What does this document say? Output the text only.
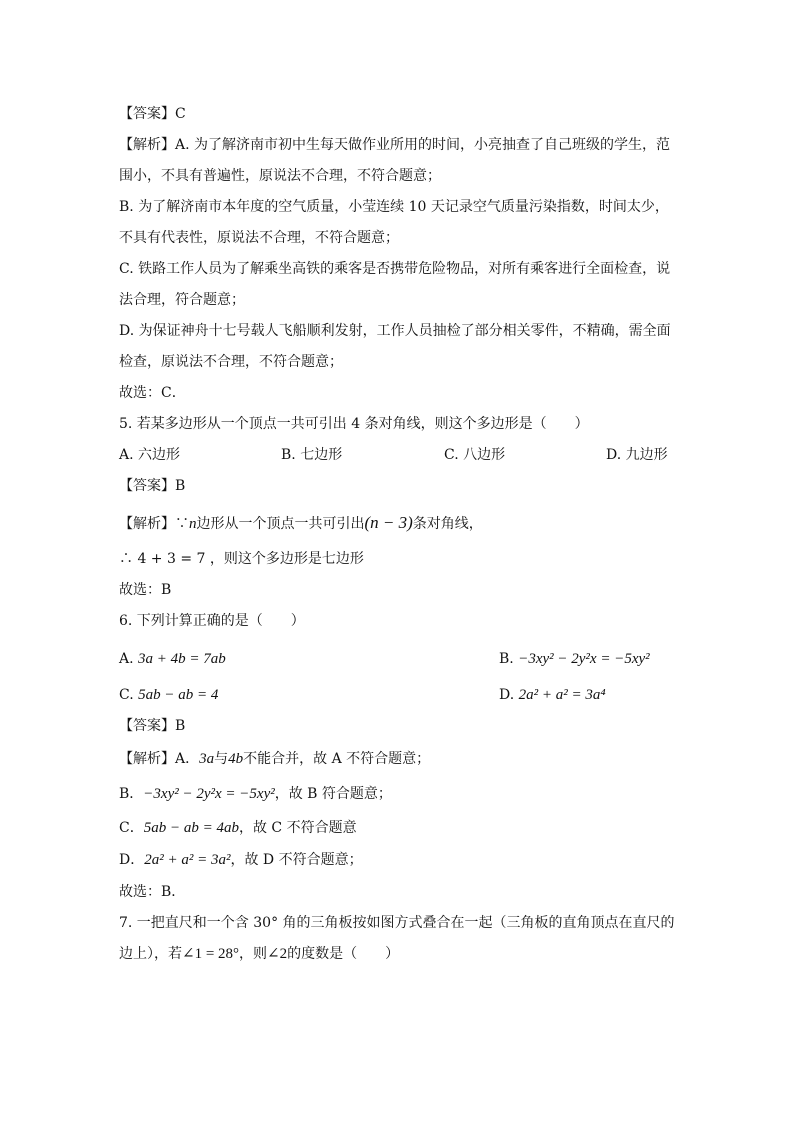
【答案】C
【解析】A. 为了解济南市初中生每天做作业所用的时间，小亮抽查了自己班级的学生，范
围小，不具有普遍性，原说法不合理，不符合题意；
B. 为了解济南市本年度的空气质量，小莹连续 10 天记录空气质量污染指数，时间太少，
不具有代表性，原说法不合理，不符合题意；
C. 铁路工作人员为了解乘坐高铁的乘客是否携带危险物品，对所有乘客进行全面检查，说
法合理，符合题意；
D. 为保证神舟十七号载人飞船顺利发射，工作人员抽检了部分相关零件，不精确，需全面
检查，原说法不合理，不符合题意；
故选：C．
5. 若某多边形从一个顶点一共可引出 4 条对角线，则这个多边形是（　　）
A. 六边形	B. 七边形	C. 八边形	D. 九边形
【答案】B
【解析】∵n边形从一个顶点一共可引出(n − 3)条对角线，
∴ 4 + 3 = 7 ，则这个多边形是七边形
故选：B
6. 下列计算正确的是（　　）
A. 3a + 4b = 7ab	B. −3xy² − 2y²x = −5xy²
C. 5ab − ab = 4	D. 2a² + a² = 3a⁴
【答案】B
【解析】A．3a与4b不能合并，故 A 不符合题意；
B．−3xy² − 2y²x = −5xy²，故 B 符合题意；
C．5ab − ab = 4ab，故 C 不符合题意
D．2a² + a² = 3a²，故 D 不符合题意；
故选：B．
7. 一把直尺和一个含 30° 角的三角板按如图方式叠合在一起（三角板的直角顶点在直尺的
边上），若∠1 = 28°，则∠2的度数是（　　）
